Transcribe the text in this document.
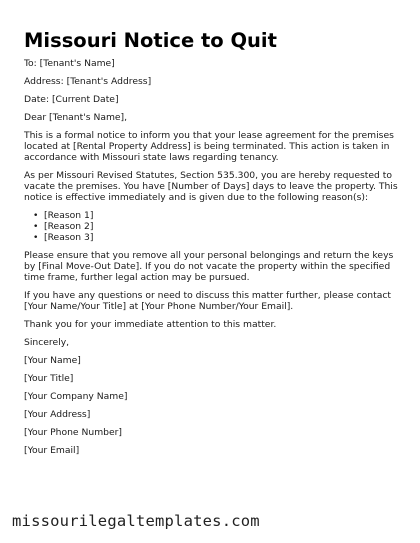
Missouri Notice to Quit

To: [Tenant's Name]

Address: [Tenant's Address]

Date: [Current Date]

Dear [Tenant's Name],

This is a formal notice to inform you that your lease agreement for the premises located at [Rental Property Address] is being terminated. This action is taken in accordance with Missouri state laws regarding tenancy.

As per Missouri Revised Statutes, Section 535.300, you are hereby requested to vacate the premises. You have [Number of Days] days to leave the property. This notice is effective immediately and is given due to the following reason(s):

• [Reason 1]
• [Reason 2]
• [Reason 3]

Please ensure that you remove all your personal belongings and return the keys by [Final Move-Out Date]. If you do not vacate the property within the specified time frame, further legal action may be pursued.

If you have any questions or need to discuss this matter further, please contact [Your Name/Your Title] at [Your Phone Number/Your Email].

Thank you for your immediate attention to this matter.

Sincerely,

[Your Name]

[Your Title]

[Your Company Name]

[Your Address]

[Your Phone Number]

[Your Email]

missourilegaltemplates.com
